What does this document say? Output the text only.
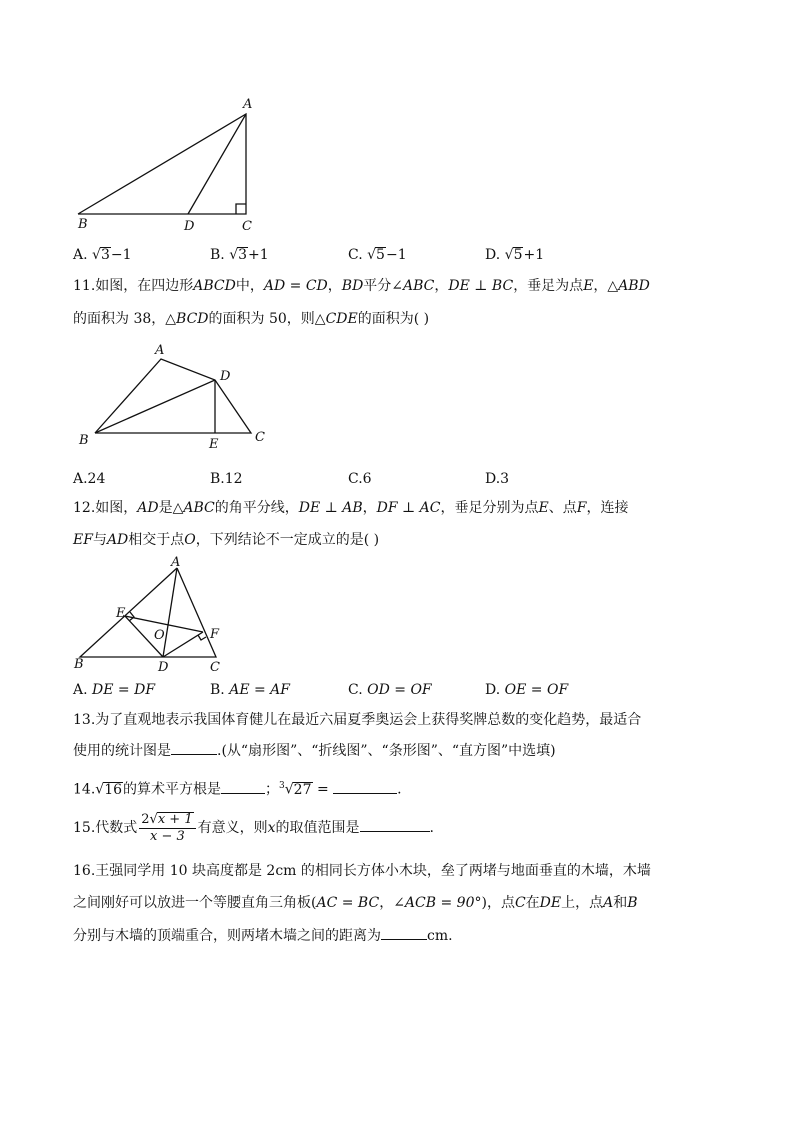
A
B	D	C
A. √3−1	B. √3+1	C. √5−1	D. √5+1
11.如图，在四边形ABCD中，AD = CD，BD平分∠ABC，DE ⊥ BC，垂足为点E，△ABD
的面积为 38，△BCD的面积为 50，则△CDE的面积为( )
A
D
B	E	C
A.24	B.12	C.6	D.3
12.如图，AD是△ABC的角平分线，DE ⊥ AB，DF ⊥ AC，垂足分别为点E、点F，连接
EF与AD相交于点O，下列结论不一定成立的是( )
A
E
O	F
B	D	C
A. DE = DF	B. AE = AF	C. OD = OF	D. OE = OF
13.为了直观地表示我国体育健儿在最近六届夏季奥运会上获得奖牌总数的变化趋势，最适合
使用的统计图是	.(从“扇形图”、“折线图”、“条形图”、“直方图”中选填)
14.√16的算术平方根是	；$^3$√27 =	.
15.代数式 $\frac{2√x + 1}{x - 3}$ 有意义，则x的取值范围是	.
16.王强同学用 10 块高度都是 2cm 的相同长方体小木块，垒了两堵与地面垂直的木墙，木墙
之间刚好可以放进一个等腰直角三角板(AC = BC，∠ACB = 90°)，点C在DE上，点A和B
分别与木墙的顶端重合，则两堵木墙之间的距离为	cm.
